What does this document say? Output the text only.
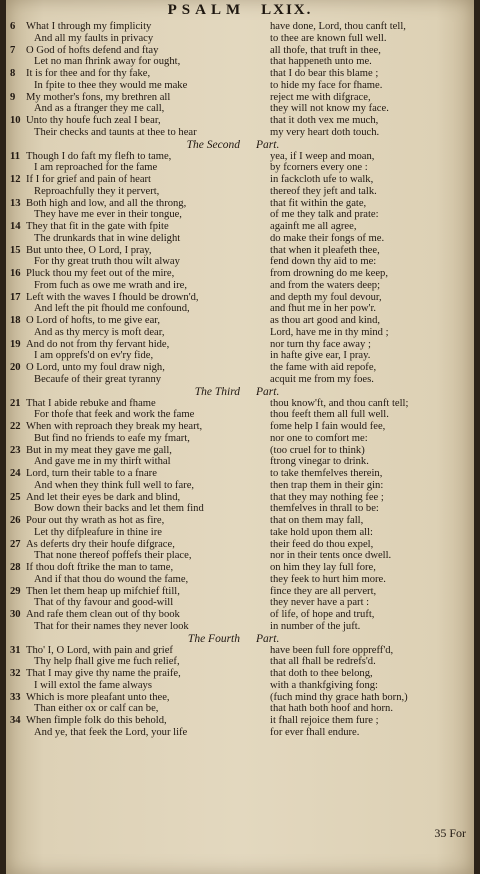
PSALM LXIX.
6	What I through my fimplicity	have done, Lord, thou canft tell,
And all my faults in privacy	to thee are known full well.
7	O God of hofts defend and ftay	all thofe, that truft in thee,
Let no man fhrink away for ought,	that happeneth unto me.
8	It is for thee and for thy fake,	that I do bear this blame ;
In fpite to thee they would me make	to hide my face for fhame.
9	My mother's fons, my brethren all	reject me with difgrace,
And as a ftranger they me call,	they will not know my face.
10 Unto thy houfe fuch zeal I bear,	that it doth vex me much,
Their checks and taunts at thee to hear	my very heart doth touch.
The Second Part.
11 Though I do faft my flefh to tame,	yea, if I weep and moan,
I am reproached for the fame	by fcorners every one :
12 If I for grief and pain of heart	in fackcloth ufe to walk,
Reproachfully they it pervert,	thereof they jeft and talk.
13 Both high and low, and all the throng,	that fit within the gate,
They have me ever in their tongue,	of me they talk and prate:
14 They that fit in the gate with fpite	againft me all agree,
The drunkards that in wine delight	do make their fongs of me.
15 But unto thee, O Lord, I pray,	that when it pleafeth thee,
For thy great truth thou wilt alway	fend down thy aid to me:
16 Pluck thou my feet out of the mire,	from drowning do me keep,
From fuch as owe me wrath and ire,	and from the waters deep;
17 Left with the waves I fhould be drown'd,	and depth my foul devour,
And left the pit fhould me confound,	and fhut me in her pow'r.
18 O Lord of hofts, to me give ear,	as thou art good and kind,
And as thy mercy is moft dear,	Lord, have me in thy mind ;
19 And do not from thy fervant hide,	nor turn thy face away ;
I am opprefs'd on ev'ry fide,	in hafte give ear, I pray.
20 O Lord, unto my foul draw nigh,	the fame with aid repofe,
Becaufe of their great tyranny	acquit me from my foes.
The Third Part.
21 That I abide rebuke and fhame	thou know'ft, and thou canft tell;
For thofe that feek and work the fame	thou feeft them all full well.
22 When with reproach they break my heart,	fome help I fain would fee,
But find no friends to eafe my fmart,	nor one to comfort me:
23 But in my meat they gave me gall,	(too cruel for to think)
And gave me in my thirft withal	ftrong vinegar to drink.
24 Lord, turn their table to a fnare	to take themfelves therein,
And when they think full well to fare,	then trap them in their gin:
25 And let their eyes be dark and blind,	that they may nothing fee ;
Bow down their backs and let them find	themfelves in thrall to be:
26 Pour out thy wrath as hot as fire,	that on them may fall,
Let thy difpleafure in thine ire	take hold upon them all:
27 As deferts dry their houfe difgrace,	their feed do thou expel,
That none thereof poffefs their place,	nor in their tents once dwell.
28 If thou doft ftrike the man to tame,	on him they lay full fore,
And if that thou do wound the fame,	they feek to hurt him more.
29 Then let them heap up mifchief ftill,	fince they are all pervert,
That of thy favour and good-will	they never have a part :
30 And rafe them clean out of thy book	of life, of hope and truft,
That for their names they never look	in number of the juft.
The Fourth Part.
31 Tho' I, O Lord, with pain and grief	have been full fore oppreff'd,
Thy help fhall give me fuch relief,	that all fhall be redrefs'd.
32 That I may give thy name the praife,	that doth to thee belong,
I will extol the fame always	with a thankfgiving fong:
33 Which is more pleafant unto thee,	(fuch mind thy grace hath born,)
Than either ox or calf can be,	that hath both hoof and horn.
34 When fimple folk do this behold,	it fhall rejoice them fure ;
And ye, that feek the Lord, your life	for ever fhall endure.
35 For
